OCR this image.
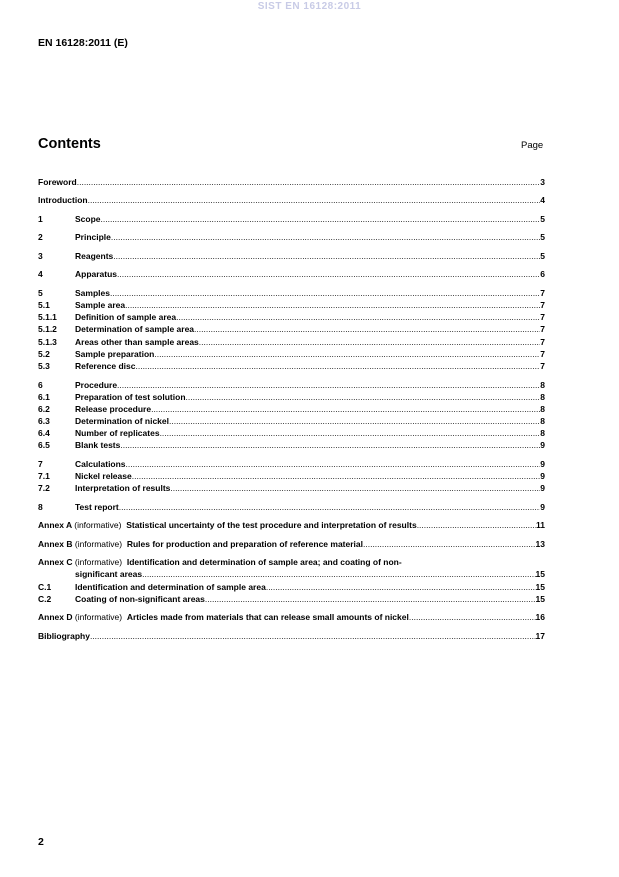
SIST EN 16128:2011
EN 16128:2011 (E)
Contents	Page
Foreword .....	3
Introduction .....	4
1	Scope .....	5
2	Principle .....	5
3	Reagents .....	5
4	Apparatus .....	6
5	Samples .....	7
5.1	Sample area .....	7
5.1.1	Definition of sample area .....	7
5.1.2	Determination of sample area .....	7
5.1.3	Areas other than sample areas .....	7
5.2	Sample preparation .....	7
5.3	Reference disc .....	7
6	Procedure .....	8
6.1	Preparation of test solution .....	8
6.2	Release procedure .....	8
6.3	Determination of nickel .....	8
6.4	Number of replicates .....	8
6.5	Blank tests .....	9
7	Calculations .....	9
7.1	Nickel release .....	9
7.2	Interpretation of results .....	9
8	Test report .....	9
Annex A (informative) Statistical uncertainty of the test procedure and interpretation of results .....	11
Annex B (informative) Rules for production and preparation of reference material .....	13
Annex C (informative) Identification and determination of sample area; and coating of non-
significant areas .....	15
C.1	Identification and determination of sample area .....	15
C.2	Coating of non-significant areas .....	15
Annex D (informative) Articles made from materials that can release small amounts of nickel .....	16
Bibliography .....	17
2
